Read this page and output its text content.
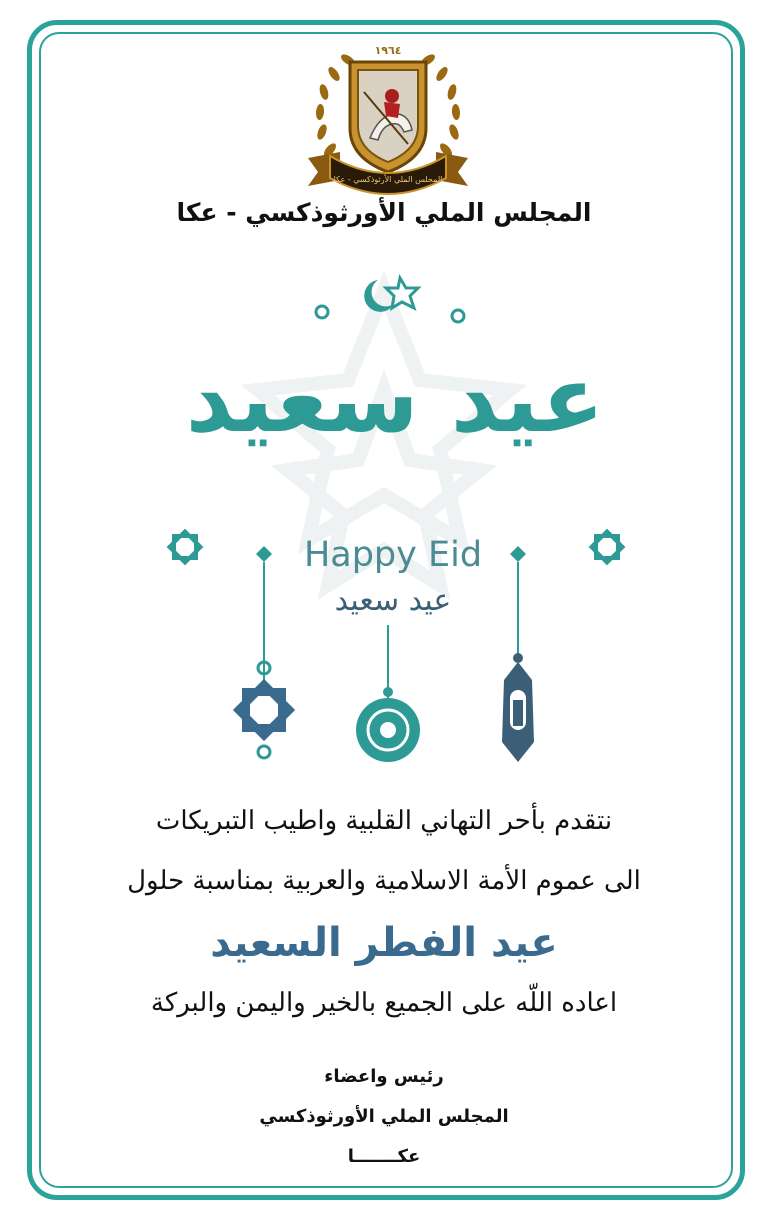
١٩٦٤
المجلس الملي الأرثوذكسي - عكا
المجلس الملي الأورثوذكسي - عكا
عيد سعيد
Happy Eid
عيد سعيد
نتقدم بأحر التهاني القلبية واطيب التبريكات
الى عموم الأمة الاسلامية والعربية بمناسبة حلول
عيد الفطر السعيد
اعاده اللّه على الجميع بالخير واليمن والبركة
رئيس واعضاء
المجلس الملي الأورثوذكسي
عكـــــــا
